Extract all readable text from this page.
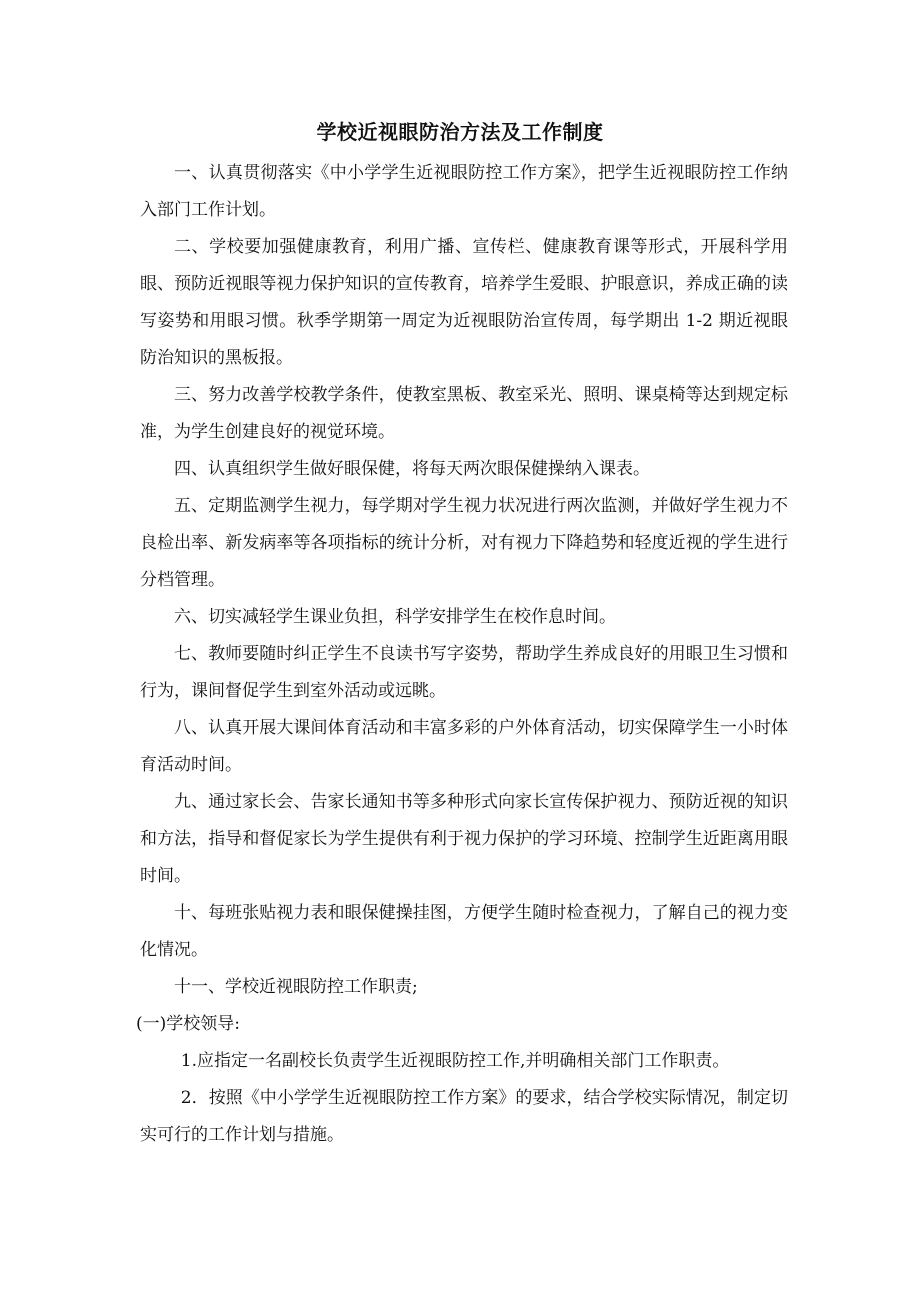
学校近视眼防治方法及工作制度

一、认真贯彻落实《中小学学生近视眼防控工作方案》，把学生近视眼防控工作纳入部门工作计划。

二、学校要加强健康教育，利用广播、宣传栏、健康教育课等形式，开展科学用眼、预防近视眼等视力保护知识的宣传教育，培养学生爱眼、护眼意识，养成正确的读写姿势和用眼习惯。秋季学期第一周定为近视眼防治宣传周，每学期出 1-2 期近视眼防治知识的黑板报。

三、努力改善学校教学条件，使教室黑板、教室采光、照明、课桌椅等达到规定标准，为学生创建良好的视觉环境。

四、认真组织学生做好眼保健，将每天两次眼保健操纳入课表。

五、定期监测学生视力，每学期对学生视力状况进行两次监测，并做好学生视力不良检出率、新发病率等各项指标的统计分析，对有视力下降趋势和轻度近视的学生进行分档管理。

六、切实减轻学生课业负担，科学安排学生在校作息时间。

七、教师要随时纠正学生不良读书写字姿势，帮助学生养成良好的用眼卫生习惯和行为，课间督促学生到室外活动或远眺。

八、认真开展大课间体育活动和丰富多彩的户外体育活动，切实保障学生一小时体育活动时间。

九、通过家长会、告家长通知书等多种形式向家长宣传保护视力、预防近视的知识和方法，指导和督促家长为学生提供有利于视力保护的学习环境、控制学生近距离用眼时间。

十、每班张贴视力表和眼保健操挂图，方便学生随时检查视力，了解自己的视力变化情况。

十一、学校近视眼防控工作职责;

(一)学校领导:

1.应指定一名副校长负责学生近视眼防控工作,并明确相关部门工作职责。

2．按照《中小学学生近视眼防控工作方案》的要求，结合学校实际情况，制定切实可行的工作计划与措施。
